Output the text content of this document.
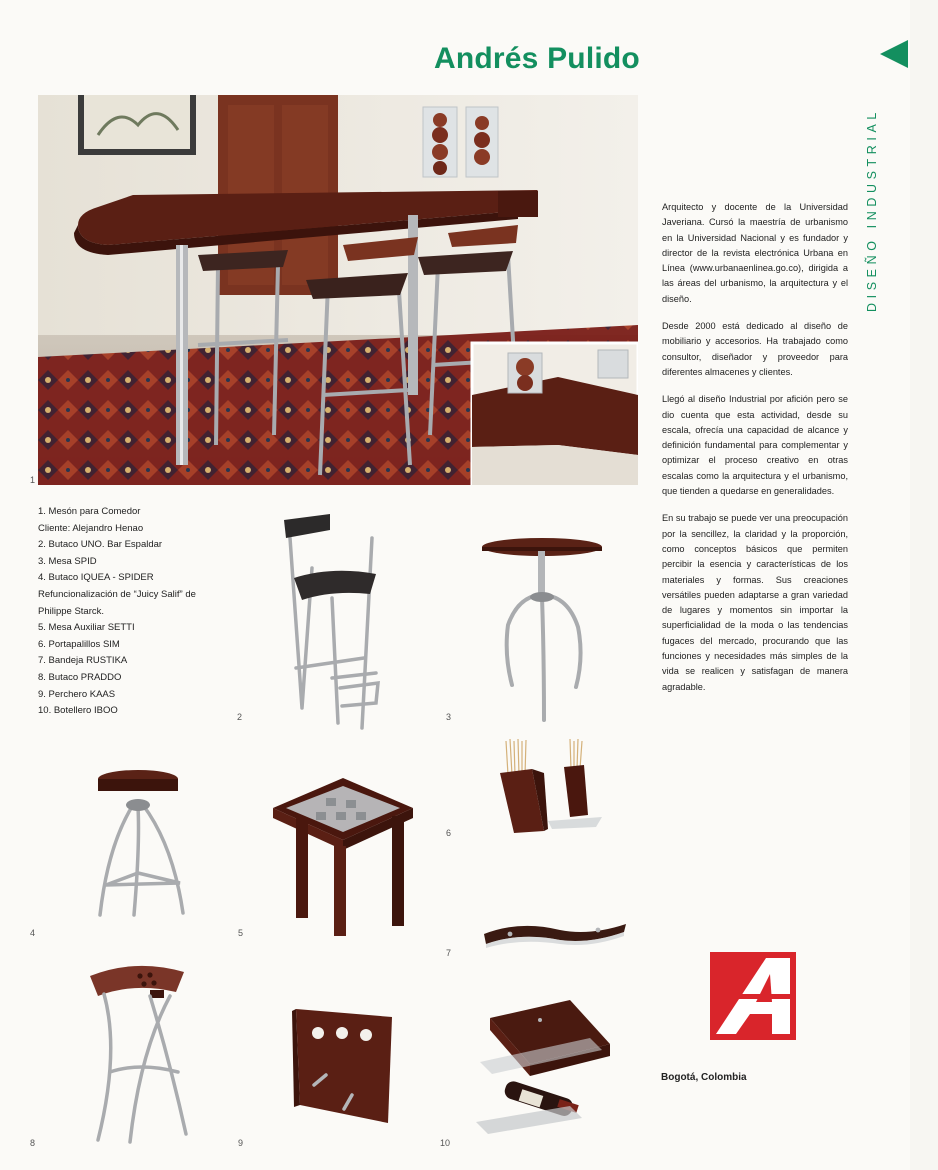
Andrés Pulido
DISEÑO INDUSTRIAL
1
1. Mesón para Comedor
Cliente: Alejandro Henao
2. Butaco UNO. Bar Espaldar
3. Mesa SPID
4. Butaco IQUEA - SPIDER
Refuncionalización de “Juicy Salif” de
Philippe Starck.
5. Mesa Auxiliar SETTI
6. Portapalillos SIM
7. Bandeja RUSTIKA
8. Butaco PRADDO
9. Perchero KAAS
10. Botellero IBOO

Arquitecto y docente de la Universidad Javeriana. Cursó la maestría de urbanismo en la Universidad Nacional y es fundador y director de la revista electrónica Urbana en Línea (www.urbanaenlinea.go.co), dirigida a las áreas del urbanismo, la arquitectura y el diseño.

Desde 2000 está dedicado al diseño de mobiliario y accesorios. Ha trabajado como consultor, diseñador y proveedor para diferentes almacenes y clientes.

Llegó al diseño Industrial por afición pero se dio cuenta que esta actividad, desde su escala, ofrecía una capacidad de alcance y definición fundamental para complementar y optimizar el proceso creativo en otras escalas como la arquitectura y el urbanismo, que tienden a quedarse en generalidades.

En su trabajo se puede ver una preocupación por la sencillez, la claridad y la proporción, como conceptos básicos que permiten percibir la esencia y características de los materiales y formas. Sus creaciones versátiles pueden adaptarse a gran variedad de lugares y momentos sin importar la superficialidad de la moda o las tendencias fugaces del mercado, procurando que las funciones y necesidades más simples de la vida se realicen y satisfagan de manera agradable.

2	3
4	5
6
7
8	9	10
Bogotá, Colombia
